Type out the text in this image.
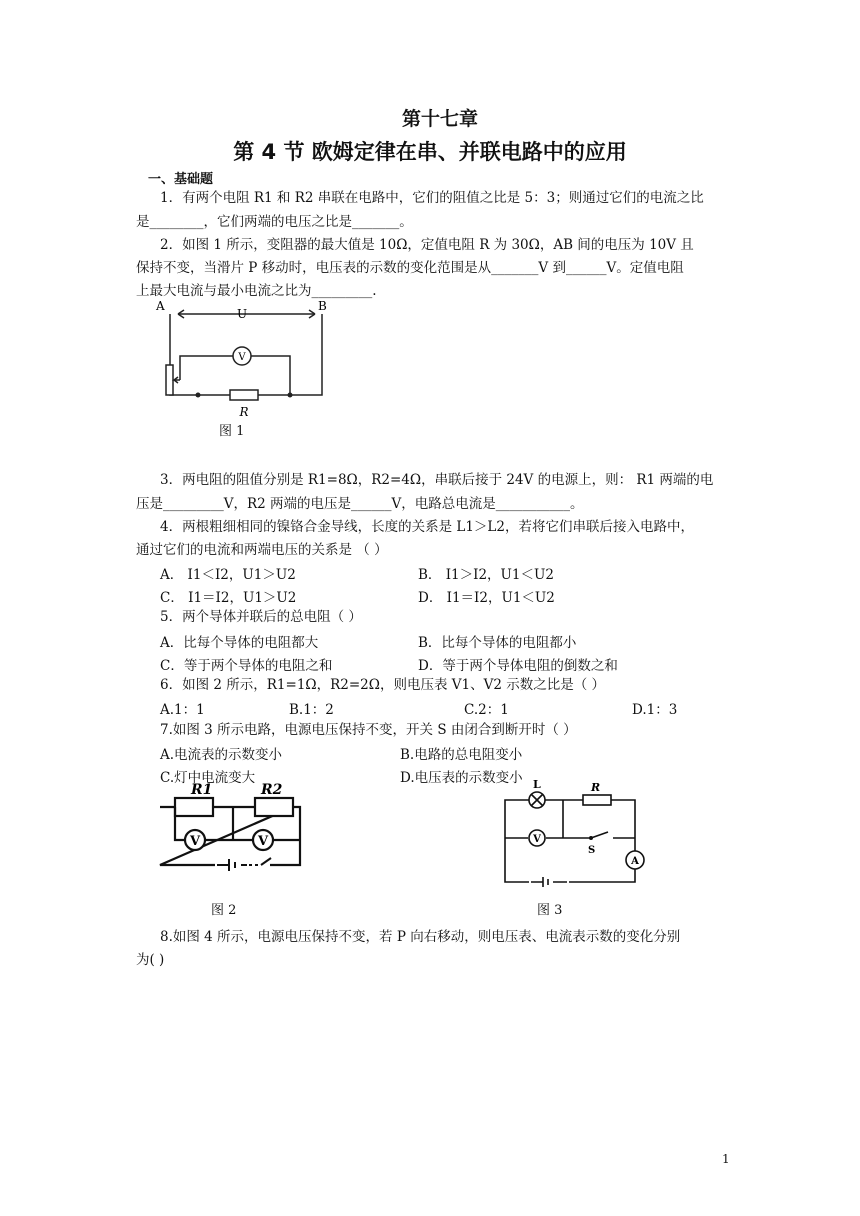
第十七章
第 4 节 欧姆定律在串、并联电路中的应用
一、基础题
1．有两个电阻 R1 和 R2 串联在电路中，它们的阻值之比是 5：3；则通过它们的电流之比
是________，它们两端的电压之比是_______。
2．如图 1 所示，变阻器的最大值是 10Ω，定值电阻 R 为 30Ω，AB 间的电压为 10V 且
保持不变，当滑片 P 移动时，电压表的示数的变化范围是从_______V 到______V。定值电阻
上最大电流与最小电流之比为_________.
A
U
B
V
R
图 1
3．两电阻的阻值分别是 R1=8Ω，R2=4Ω，串联后接于 24V 的电源上，则： R1 两端的电
压是_________V，R2 两端的电压是______V，电路总电流是___________。
4．两根粗细相同的镍铬合金导线，长度的关系是 L1＞L2，若将它们串联后接入电路中，
通过它们的电流和两端电压的关系是 （ ）
A． I1＜I2，U1＞U2	B． I1＞I2，U1＜U2
C． I1＝I2，U1＞U2	D． I1＝I2，U1＜U2
5．两个导体并联后的总电阻（ ）
A．比每个导体的电阻都大	B．比每个导体的电阻都小
C．等于两个导体的电阻之和	D．等于两个导体电阻的倒数之和
6．如图 2 所示，R1=1Ω，R2=2Ω，则电压表 V1、V2 示数之比是（ ）
A.1：1	B.1：2	C.2：1	D.1：3
7.如图 3 所示电路，电源电压保持不变，开关 S 由闭合到断开时（ ）
A.电流表的示数变小	B.电路的总电阻变小
C.灯中电流变大	D.电压表的示数变小
R1	R2
V	V
图 2
L	R
V
S
A
图 3
8.如图 4 所示，电源电压保持不变，若 P 向右移动，则电压表、电流表示数的变化分别
为( )
1
